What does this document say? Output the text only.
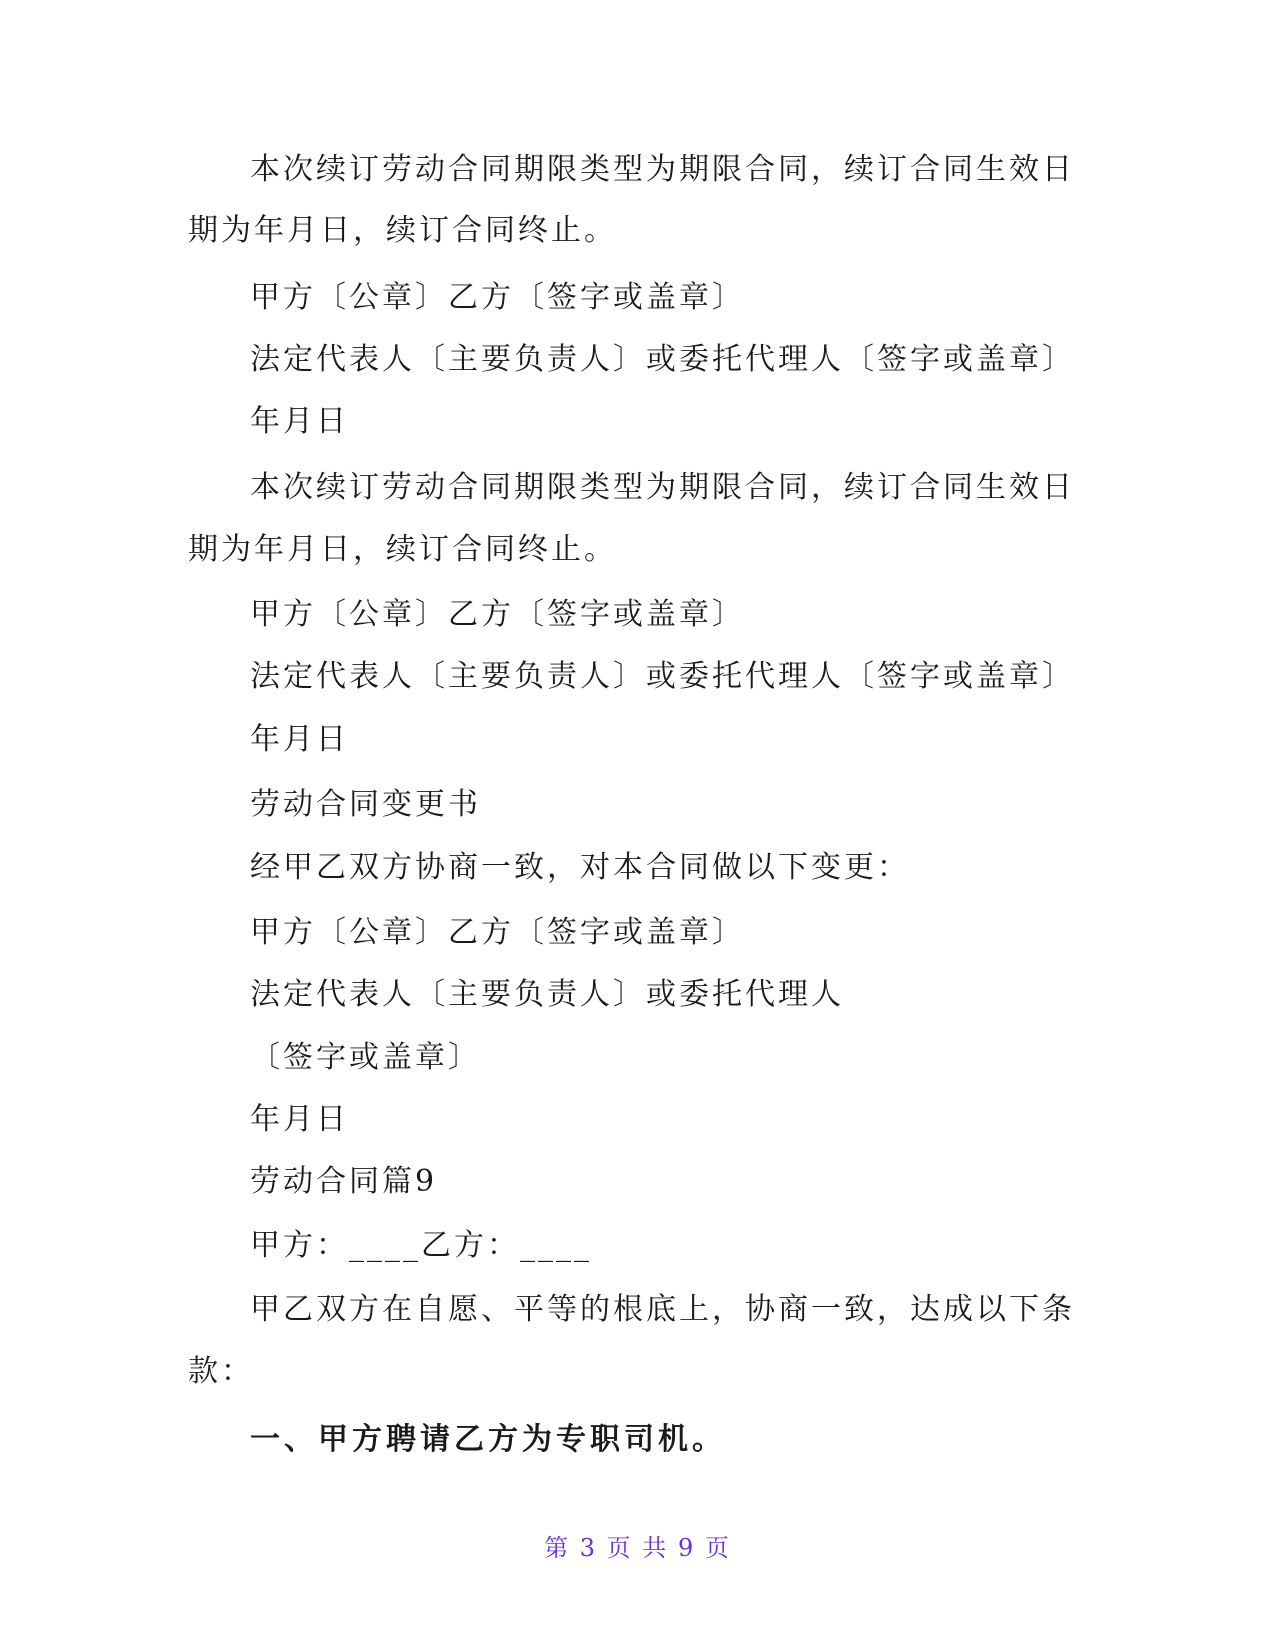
本次续订劳动合同期限类型为期限合同，续订合同生效日
期为年月日，续订合同终止。
甲方〔公章〕乙方〔签字或盖章〕
法定代表人〔主要负责人〕或委托代理人〔签字或盖章〕
年月日
本次续订劳动合同期限类型为期限合同，续订合同生效日
期为年月日，续订合同终止。
甲方〔公章〕乙方〔签字或盖章〕
法定代表人〔主要负责人〕或委托代理人〔签字或盖章〕
年月日
劳动合同变更书
经甲乙双方协商一致，对本合同做以下变更：
甲方〔公章〕乙方〔签字或盖章〕
法定代表人〔主要负责人〕或委托代理人
〔签字或盖章〕
年月日
劳动合同篇9
甲方：____乙方：____
甲乙双方在自愿、平等的根底上，协商一致，达成以下条
款：
一、甲方聘请乙方为专职司机。
第 3 页 共 9 页
